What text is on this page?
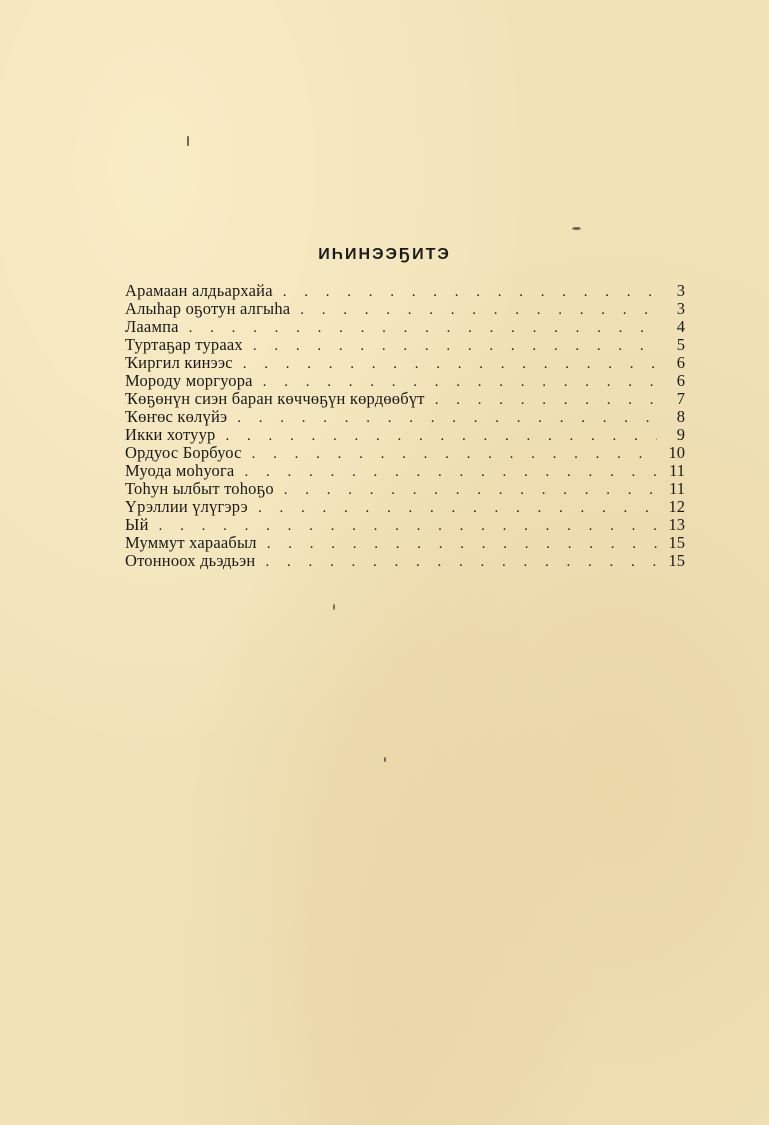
ИҺИНЭЭҔИТЭ
Арамаан алдьархайа . . .	3
Алыһар оҕотун алгыһа . . .	3
Лаампа . . .	4
Туртаҕар тураах . . .	5
Ҡиргил кинээс . . .	6
Мороду моргуора . . .	6
Ҡөҕөнүн сиэн баран көччөҕүн көрдөөбүт . . .	7
Ҡөҥөс көлүйэ . . .	8
Икки хотуур . . .	9
Ордуос Борбуос . . .	10
Муода моһуога . . .	11
Тоһун ылбыт тоһоҕо . . .	11
Үрэллии үлүгэрэ . . .	12
Ый . . .	13
Муммут хараабыл . . .	15
Отонноох дьэдьэн . . .	15
